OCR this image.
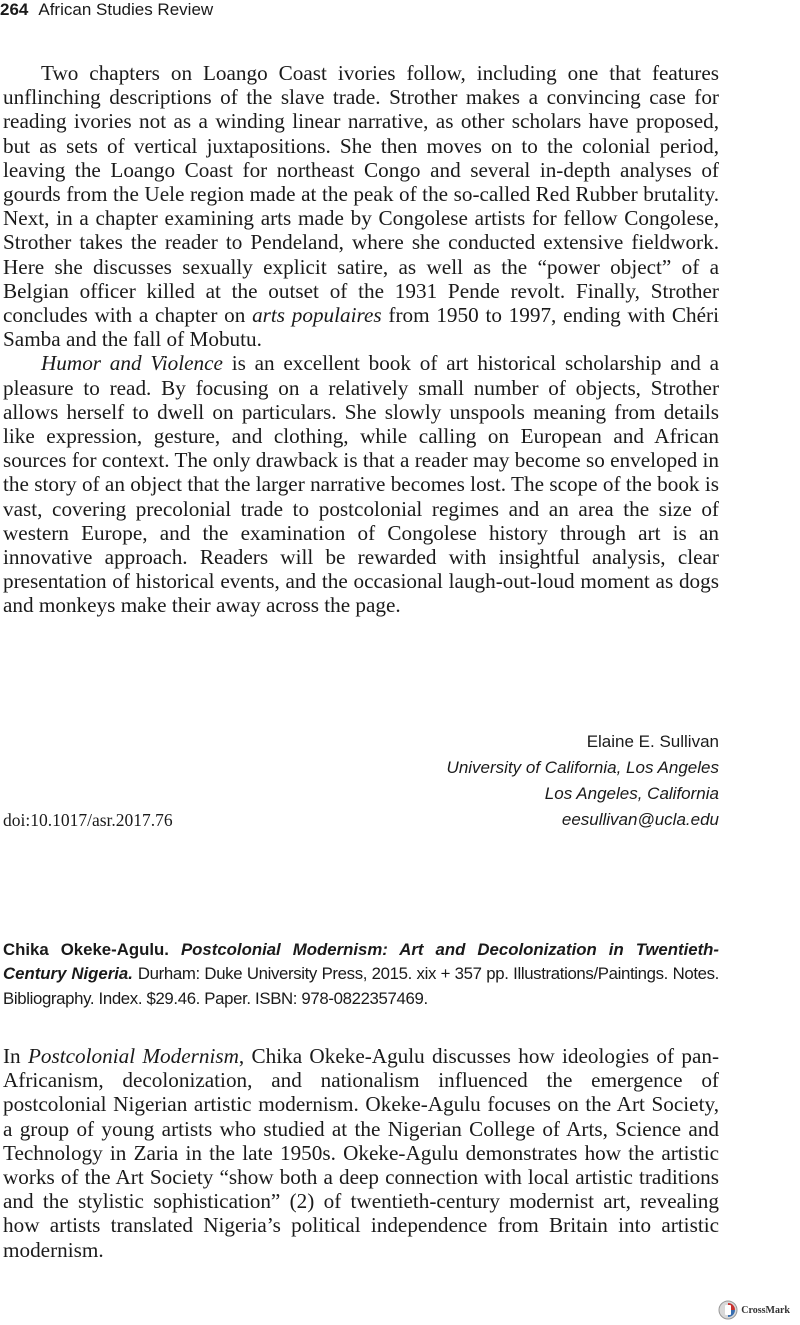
264 African Studies Review

Two chapters on Loango Coast ivories follow, including one that features unflinching descriptions of the slave trade. Strother makes a convincing case for reading ivories not as a winding linear narrative, as other scholars have proposed, but as sets of vertical juxtapositions. She then moves on to the colonial period, leaving the Loango Coast for northeast Congo and several in-depth analyses of gourds from the Uele region made at the peak of the so-called Red Rubber brutality. Next, in a chapter examining arts made by Congolese artists for fellow Congolese, Strother takes the reader to Pendeland, where she conducted extensive fieldwork. Here she discusses sexually explicit satire, as well as the “power object” of a Belgian officer killed at the outset of the 1931 Pende revolt. Finally, Strother concludes with a chapter on arts populaires from 1950 to 1997, ending with Chéri Samba and the fall of Mobutu.

Humor and Violence is an excellent book of art historical scholarship and a pleasure to read. By focusing on a relatively small number of objects, Strother allows herself to dwell on particulars. She slowly unspools meaning from details like expression, gesture, and clothing, while calling on European and African sources for context. The only drawback is that a reader may become so enveloped in the story of an object that the larger narrative becomes lost. The scope of the book is vast, covering precolonial trade to postcolonial regimes and an area the size of western Europe, and the examination of Congolese history through art is an innovative approach. Readers will be rewarded with insightful analysis, clear presentation of historical events, and the occasional laugh-out-loud moment as dogs and monkeys make their away across the page.

Elaine E. Sullivan
University of California, Los Angeles
Los Angeles, California
eesullivan@ucla.edu
doi:10.1017/asr.2017.76
Chika Okeke-Agulu. Postcolonial Modernism: Art and Decolonization in Twentieth-Century Nigeria. Durham: Duke University Press, 2015. xix + 357 pp. Illustrations/Paintings. Notes. Bibliography. Index. $29.46. Paper. ISBN: 978-0822357469.

In Postcolonial Modernism, Chika Okeke-Agulu discusses how ideologies of pan-Africanism, decolonization, and nationalism influenced the emergence of postcolonial Nigerian artistic modernism. Okeke-Agulu focuses on the Art Society, a group of young artists who studied at the Nigerian College of Arts, Science and Technology in Zaria in the late 1950s. Okeke-Agulu demonstrates how the artistic works of the Art Society “show both a deep connection with local artistic traditions and the stylistic sophistication” (2) of twentieth-century modernist art, revealing how artists translated Nigeria’s political independence from Britain into artistic modernism.

CrossMark
